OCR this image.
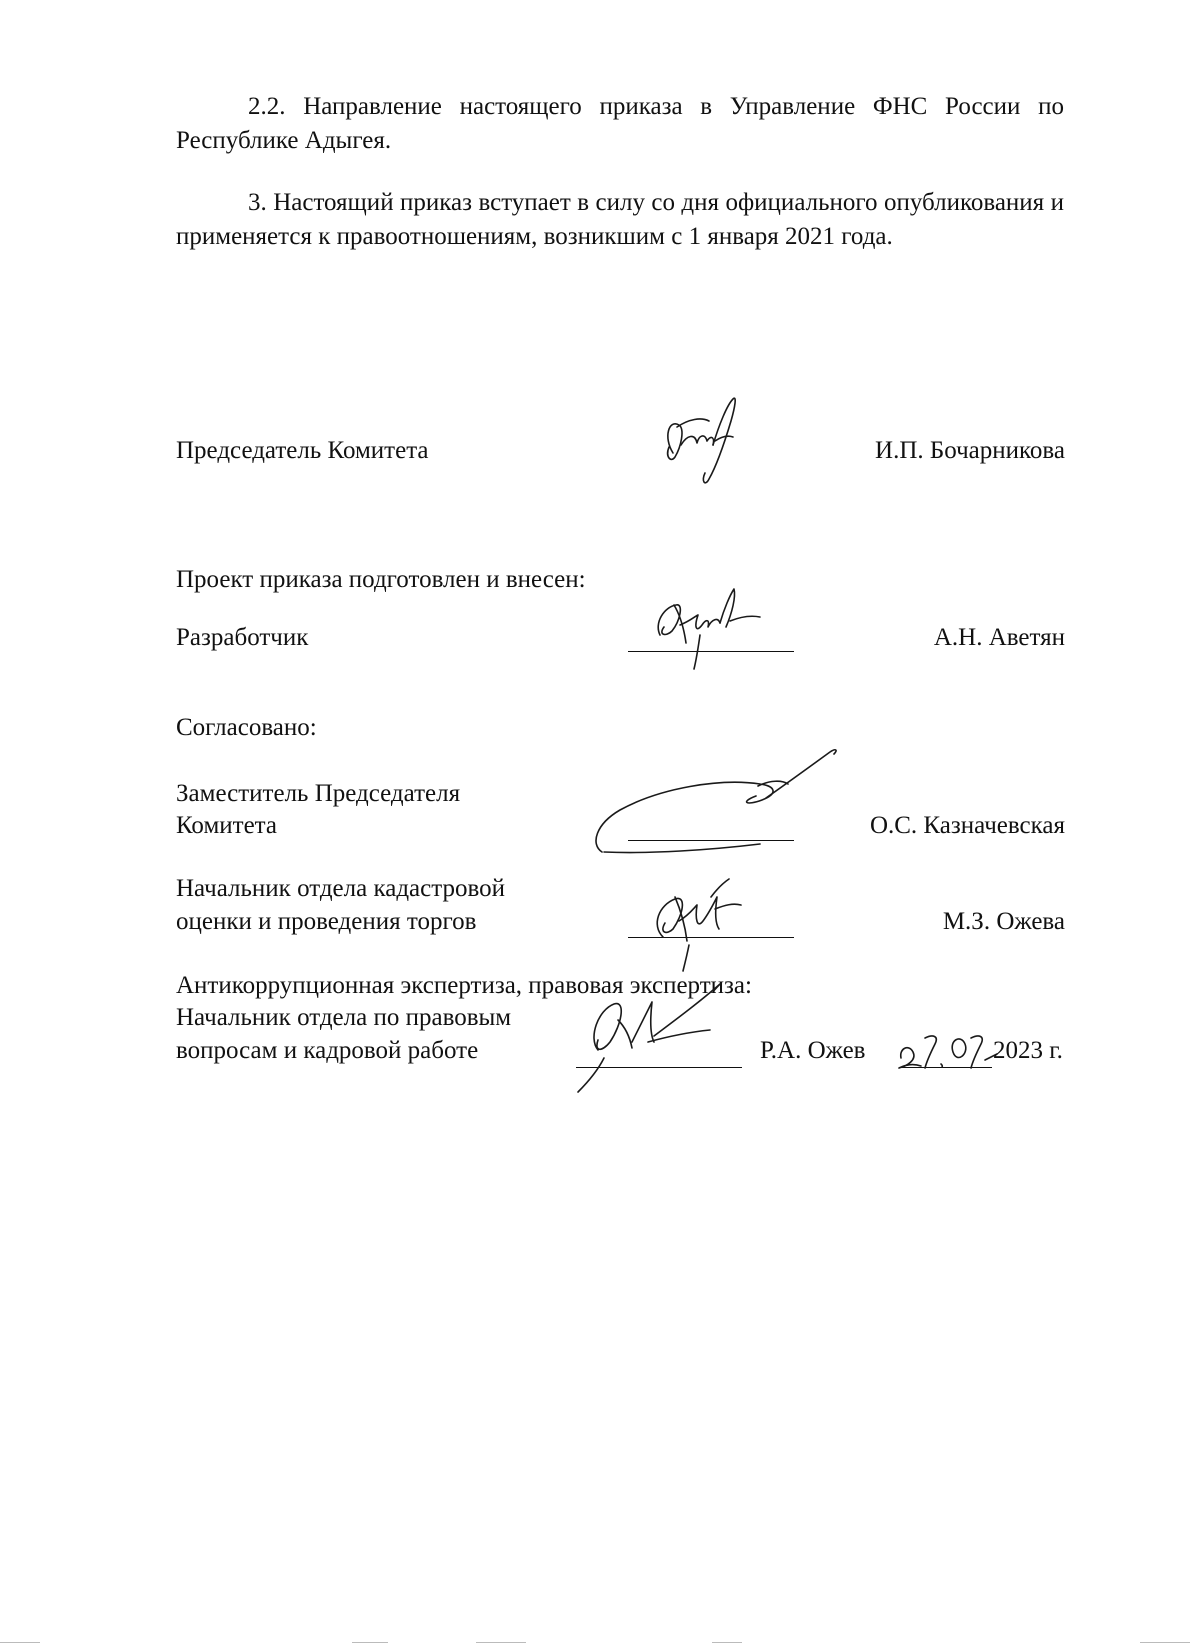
2.2. Направление настоящего приказа в Управление ФНС России по Республике Адыгея.

3. Настоящий приказ вступает в силу со дня официального опубликования и применяется к правоотношениям, возникшим с 1 января 2021 года.

Председатель Комитета	И.П. Бочарникова
Проект приказа подготовлен и внесен:
Разработчик	А.Н. Аветян
Согласовано:
Заместитель Председателя
Комитета	О.С. Казначевская
Начальник отдела кадастровой
оценки и проведения торгов	М.З. Ожева
Антикоррупционная экспертиза, правовая экспертиза:
Начальник отдела по правовым
вопросам и кадровой работе	Р.А. Ожев	2023 г.
